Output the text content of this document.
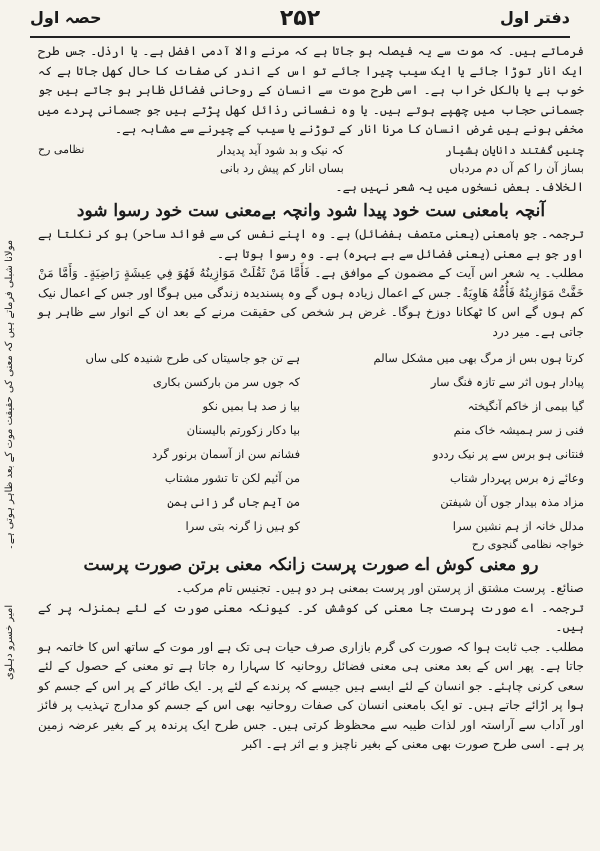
دفتر اول
۲۵۲
حصہ اول
مولانا شبلی فرماتے ہیں کہ معنی کی حقیقت موت کے بعد ظاہر ہوتی ہے۔
امیر خسرو دہلوی

فرماتے ہیں۔ کہ موت سے یہ فیصلہ ہو جاتا ہے کہ مرنے والا آدمی افضل ہے۔ یا ارذل۔ جس طرح ایک انار توڑا جائے یا ایک سیب چیرا جائے تو اس کے اندر کی صفات کا حال کھل جاتا ہے کہ خوب ہے یا بالکل خراب ہے۔ اسی طرح موت سے انسان کے روحانی فضائل ظاہر ہو جاتے ہیں جو جسمانی حجاب میں چھپے ہوتے ہیں۔ یا وہ نفسانی رذائل کھل پڑتے ہیں جو جسمانی پردے میں مخفی ہونے ہیں غرض انسان کا مرنا انار کے توڑنے یا سیب کے چیرنے سے مشابہ ہے۔

چنیں گفتند دانایان ہشیار
کہ نیک و بد شود آید پدیدار
نظامی رح
بساز آن را کم آں دم مردباں
بساں انار کم پیش رد بانی

الخلاف۔ بعض نسخوں میں یہ شعر نہیں ہے۔

آنچہ بامعنی ست خود پیدا شود وانچہ بےمعنی ست خود رسوا شود

ترجمہ۔ جو بامعنی (یعنی متصف بفضائل) ہے۔ وہ اپنے نفس کی سے فوائد ساحر) ہو کر نکلتا ہے اور جو بے معنی (یعنی فضائل سے بے بہرہ) ہے۔ وہ رسوا ہوتا ہے۔

مطلب۔ یہ شعر اس آیت کے مضمون کے موافق ہے۔ فَأَمَّا مَنْ ثَقُلَتْ مَوَازِينُهُ فَهُوَ فِي عِيشَةٍ رَاضِيَةٍ۔ وَأَمَّا مَنْ خَفَّتْ مَوَازِينُهُ فَأُمُّهُ هَاوِيَةٌ۔ جس کے اعمال زیادہ ہوں گے وہ پسندیدہ زندگی میں ہوگا اور جس کے اعمال نیک کم ہوں گے اس کا ٹھکانا دوزخ ہوگا۔ غرض ہر شخص کی حقیقت مرنے کے بعد ان کے انوار سے ظاہر ہو جاتی ہے۔ میر درد

کرتا ہوں بس از مرگ بھی میں مشکل سالم
پیادار ہوں اثر سے تازہ فنگ سار
گیا بیمی از خاکم آنگیختہ
فنی ز سر ہمیشہ خاک منم
فنتانی ہو برس سے پر نیک رددو
وعائے زہ برس پہردار شتاب
مزاد مذہ بیدار جوں آن شیفتن
مدلل خانہ از ہم نشین سرا
ہے تن جو جاسیتاں کی طرح شنیدہ کلی ساں
کہ جوں سر من بارکسن بکاری
بیا ز صد ہا بمیں نکو
بیا دکار زکورتم بالیسنان
فشانم سن از آسمان برنور گرد
من آئیم لکن تا تشور مشتاب
من آیم جاں گر زانی ہمن
کو ہیں زا گرنہ بتی سرا
خواجہ نظامی گنجوی رح
رو معنی کوش اے صورت پرست زانکہ معنی برتن صورت پرست

صنائع۔ پرست مشتق از پرستن اور پرست بمعنی ہر دو ہیں۔ تجنیس تام مرکب۔

ترجمہ۔ اے صورت پرست جا معنی کی کوشش کر۔ کیونکہ معنی صورت کے لئے بمنزلہ پر کے ہیں۔

مطلب۔ جب ثابت ہوا کہ صورت کی گرم بازاری صرف حیات ہی تک ہے اور موت کے ساتھ اس کا خاتمہ ہو جاتا ہے۔ پھر اس کے بعد معنی ہی معنی فضائل روحانیہ کا سہارا رہ جاتا ہے تو معنی کے حصول کے لئے سعی کرنی چاہئے۔ جو انسان کے لئے ایسے ہیں جیسے کہ پرندے کے لئے پر۔ ایک طائر کے پر اس کے جسم کو ہوا پر اڑائے جاتے ہیں۔ تو ایک بامعنی انسان کی صفات روحانیہ بھی اس کے جسم کو مدارج تہذیب پر فائز اور آداب سے آراستہ اور لذات طیبہ سے محظوظ کرتی ہیں۔ جس طرح ایک پرندہ پر کے بغیر عرضہ زمین پر ہے۔ اسی طرح صورت بھی معنی کے بغیر ناچیز و بے اثر ہے۔ اکبر
